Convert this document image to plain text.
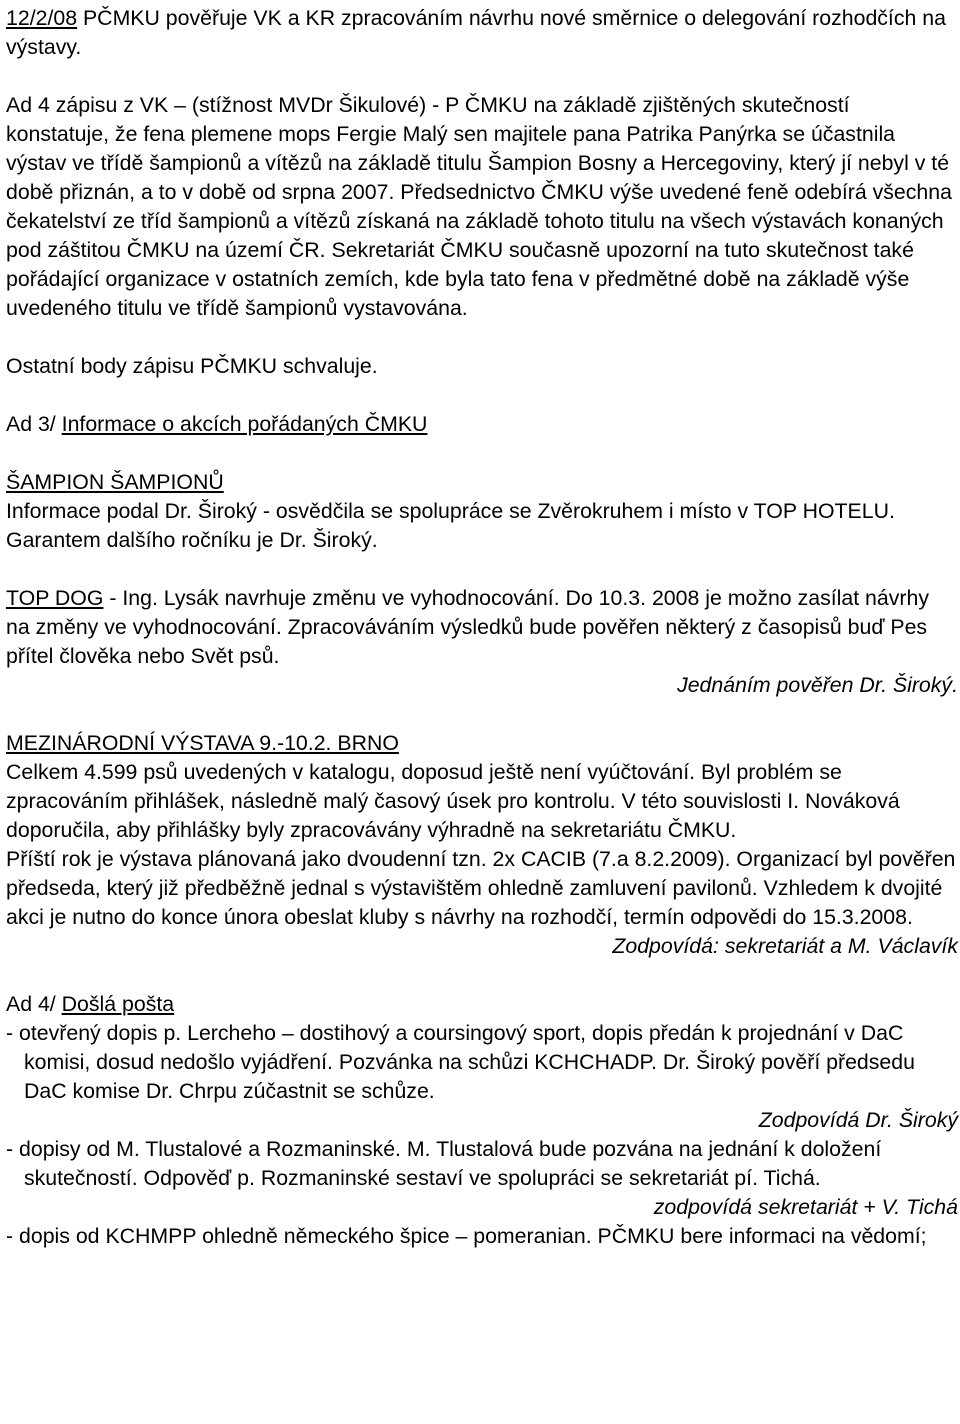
12/2/08 PČMKU pověřuje VK a KR zpracováním návrhu nové směrnice o delegování rozhodčích na výstavy.

Ad 4 zápisu z VK – (stížnost MVDr Šikulové) - P ČMKU na základě zjištěných skutečností konstatuje, že fena plemene mops Fergie Malý sen majitele pana Patrika Panýrka se účastnila výstav ve třídě šampionů a vítězů na základě titulu Šampion Bosny a Hercegoviny, který jí nebyl v té době přiznán, a to v době od srpna 2007. Předsednictvo ČMKU výše uvedené feně odebírá všechna čekatelství ze tříd šampionů a vítězů získaná na základě tohoto titulu na všech výstavách konaných pod záštitou ČMKU na území ČR. Sekretariát ČMKU současně upozorní na tuto skutečnost také pořádající organizace v ostatních zemích, kde byla tato fena v předmětné době na základě výše uvedeného titulu ve třídě šampionů vystavována.

Ostatní body zápisu PČMKU schvaluje.

Ad 3/ Informace o akcích pořádaných ČMKU

ŠAMPION ŠAMPIONŮ

Informace podal Dr. Široký - osvědčila se spolupráce se Zvěrokruhem i místo v TOP HOTELU. Garantem dalšího ročníku je Dr. Široký.

TOP DOG - Ing. Lysák navrhuje změnu ve vyhodnocování. Do 10.3. 2008 je možno zasílat návrhy na změny ve vyhodnocování. Zpracováváním výsledků bude pověřen některý z časopisů buď Pes přítel člověka nebo Svět psů.

Jednáním pověřen Dr. Široký.

MEZINÁRODNÍ VÝSTAVA 9.-10.2. BRNO

Celkem 4.599 psů uvedených v katalogu, doposud ještě není vyúčtování. Byl problém se zpracováním přihlášek, následně malý časový úsek pro kontrolu. V této souvislosti I. Nováková doporučila, aby přihlášky byly zpracovávány výhradně na sekretariátu ČMKU.

Příští rok je výstava plánovaná jako dvoudenní tzn. 2x CACIB (7.a 8.2.2009). Organizací byl pověřen předseda, který již předběžně jednal s výstavištěm ohledně zamluvení pavilonů. Vzhledem k dvojité akci je nutno do konce února obeslat kluby s návrhy na rozhodčí, termín odpovědi do 15.3.2008.

Zodpovídá: sekretariát a M. Václavík

Ad 4/ Došlá pošta

- otevřený dopis p. Lercheho – dostihový a coursingový sport, dopis předán k projednání v DaC komisi, dosud nedošlo vyjádření. Pozvánka na schůzi KCHCHADP. Dr. Široký pověří předsedu DaC komise Dr. Chrpu zúčastnit se schůze.

Zodpovídá Dr. Široký

- dopisy od M. Tlustalové a Rozmaninské. M. Tlustalová bude pozvána na jednání k doložení skutečností. Odpověď p. Rozmaninské sestaví ve spolupráci se sekretariát pí. Tichá.

zodpovídá sekretariát + V. Tichá

- dopis od KCHMPP ohledně německého špice – pomeranian. PČMKU bere informaci na vědomí;
